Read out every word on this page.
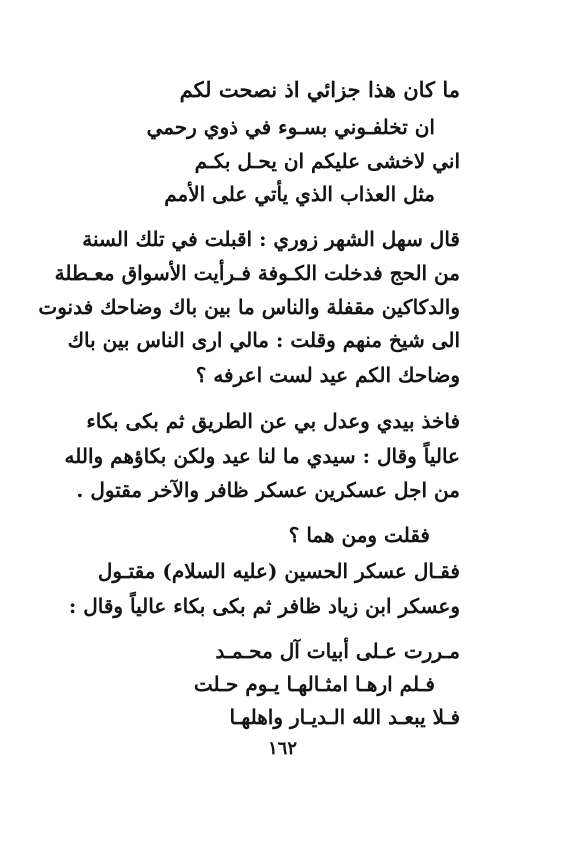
ما كان هذا جزائي اذ نصحت لكم
ان تخلفـوني بسـوء في ذوي رحمي
اني لاخشى عليكم ان يحـل بكـم
مثل العذاب الذي يأتي على الأمم
قال سهل الشهر زوري : اقبلت في تلك السنة
من الحج فدخلت الكـوفة فـرأيت الأسواق معـطلة
والدكاكين مقفلة والناس ما بين باك وضاحك فدنوت
الى شيخ منهم وقلت : مالي ارى الناس بين باك
وضاحك الكم عيد لست اعرفه ؟
فاخذ بيدي وعدل بي عن الطريق ثم بكى بكاء
عالياً وقال : سيدي ما لنا عيد ولكن بكاؤهم والله
من اجل عسكرين عسكر ظافر والآخر مقتول .
فقلت ومن هما ؟
فقـال عسكر الحسين (عليه السلام) مقتـول
وعسكر ابن زياد ظافر ثم بكى بكاء عالياً وقال :
مـررت عـلى أبيات آل محـمـد
فـلم ارهـا امثـالهـا يـوم حـلت
فـلا يبعـد الله الـديـار واهلهـا
١٦٢
